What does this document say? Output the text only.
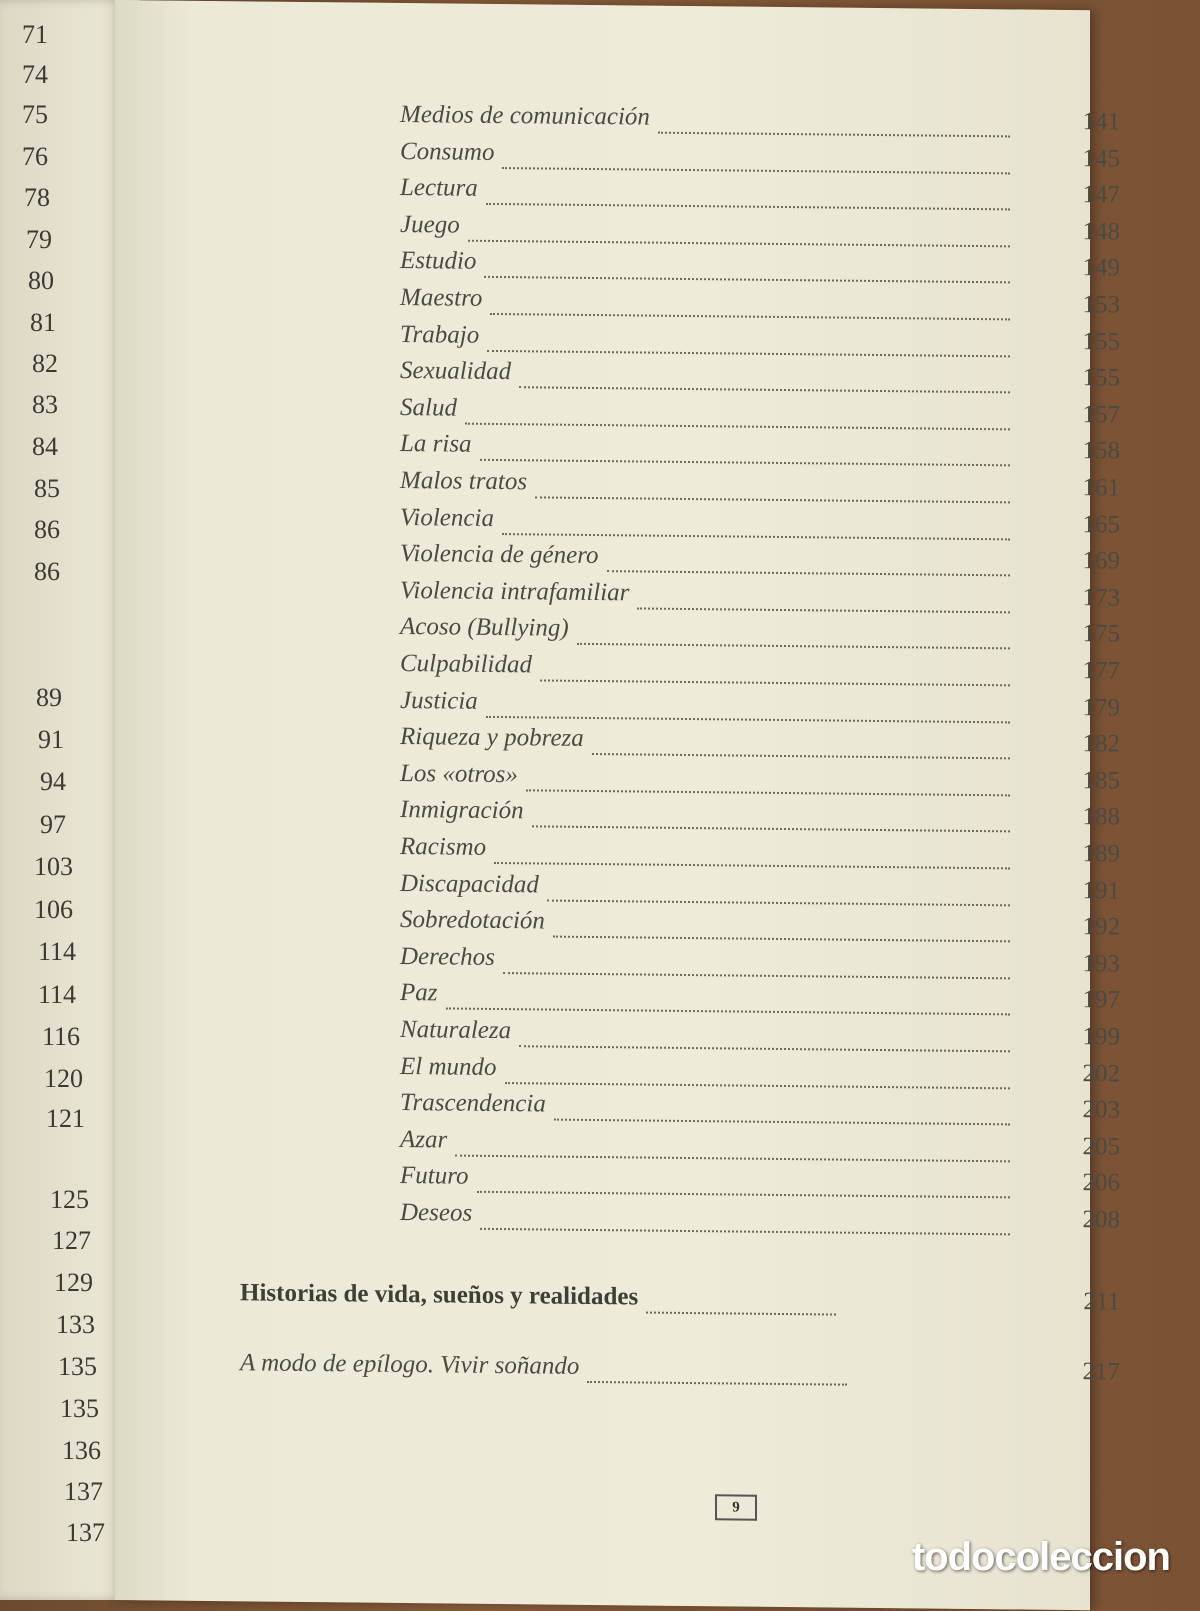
71
74
75
76
78
79
80
81
82
83
84
85
86
86
89
91
94
97
103
106
114
114
116
120
121
125
127
129
133
135
135
136
137
137
Medios de comunicación	141
Consumo	145
Lectura	147
Juego	148
Estudio	149
Maestro	153
Trabajo	155
Sexualidad	155
Salud	157
La risa	158
Malos tratos	161
Violencia	165
Violencia de género	169
Violencia intrafamiliar	173
Acoso (Bullying)	175
Culpabilidad	177
Justicia	179
Riqueza y pobreza	182
Los «otros»	185
Inmigración	188
Racismo	189
Discapacidad	191
Sobredotación	192
Derechos	193
Paz	197
Naturaleza	199
El mundo	202
Trascendencia	203
Azar	205
Futuro	206
Deseos	208
Historias de vida, sueños y realidades	211
A modo de epílogo. Vivir soñando	217
9
todocoleccion
